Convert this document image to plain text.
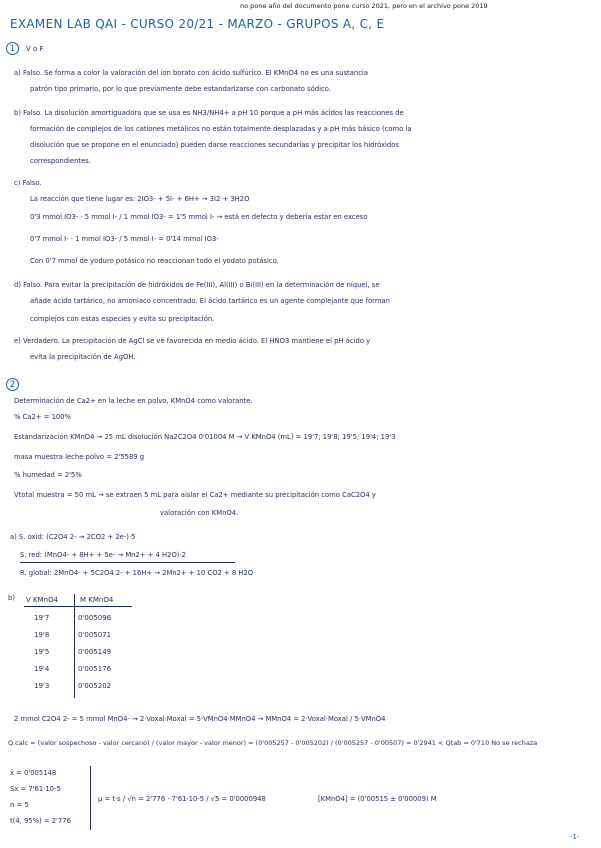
no pone año del documento pone curso 2021, pero en el archivo pone 2019
EXAMEN LAB QAI - CURSO 20/21 - MARZO - GRUPOS A, C, E
1	V o F
a) Falso. Se forma a color la valoración del ion borato con ácido sulfúrico. El KMnO4 no es una sustancia
patrón tipo primario, por lo que previamente debe estandarizarse con carbonato sódico.
b) Falso. La disolución amortiguadora que se usa es NH3/NH4+ a pH 10 porque a pH más ácidos las reacciones de
formación de complejos de los cationes metálicos no están totalmente desplazadas y a pH más básico (como la
disolución que se propone en el enunciado) pueden darse reacciones secundarias y precipitar los hidróxidos
correspondientes.
c) Falso.
La reacción que tiene lugar es: 2IO3- + 5I- + 6H+ → 3I2 + 3H2O
0'3 mmol IO3- · 5 mmol I- / 1 mmol IO3- = 1'5 mmol I- → está en defecto y debería estar en exceso
0'7 mmol I- · 1 mmol IO3- / 5 mmol I- = 0'14 mmol IO3-
Con 0'7 mmol de yoduro potásico no reaccionan todo el yodato potásico.
d) Falso. Para evitar la precipitación de hidróxidos de Fe(III), Al(III) o Bi(III) en la determinación de níquel, se
añade ácido tartárico, no amoniaco concentrado. El ácido tartárico es un agente complejante que forman
complejos con estas especies y evita su precipitación.
e) Verdadero. La precipitación de AgCl se ve favorecida en medio ácido. El HNO3 mantiene el pH ácido y
evita la precipitación de AgOH.
2
Determinación de Ca2+ en la leche en polvo, KMnO4 como valorante.
% Ca2+ = 100%
Estandarización KMnO4 → 25 mL disolución Na2C2O4 0'01004 M → V KMnO4 (mL) = 19'7; 19'8; 19'5; 19'4; 19'3
masa muestra leche polvo = 2'5589 g
% humedad = 2'5%
Vtotal muestra = 50 mL → se extraen 5 mL para aislar el Ca2+ mediante su precipitación como CaC2O4 y
valoración con KMnO4.
a) S. oxid: (C2O4 2- → 2CO2 + 2e-)·5
S. red: (MnO4- + 8H+ + 5e- → Mn2+ + 4 H2O)·2
R. global: 2MnO4- + 5C2O4 2- + 16H+ → 2Mn2+ + 10 CO2 + 8 H2O
b) V KMnO4	M KMnO4
19'7	0'005096
19'8	0'005071
19'5	0'005149
19'4	0'005176
19'3	0'005202
2 mmol C2O4 2- = 5 mmol MnO4- → 2·Voxal·Moxal = 5·VMnO4·MMnO4 → MMnO4 = 2·Voxal·Moxal / 5·VMnO4
Q.calc = (valor sospechoso - valor cercano) / (valor mayor - valor menor) = (0'005257 - 0'005202) / (0'005257 - 0'00507) = 0'2941 < Qtab = 0'710 No se rechaza
x̄ = 0'005148
Sx = 7'61·10-5
n = 5
t(4, 95%) = 2'776
μ = t·s / √n = 2'776 · 7'61·10-5 / √5 = 0'0000948	[KMnO4] = (0'00515 ± 0'00009) M
-1-
